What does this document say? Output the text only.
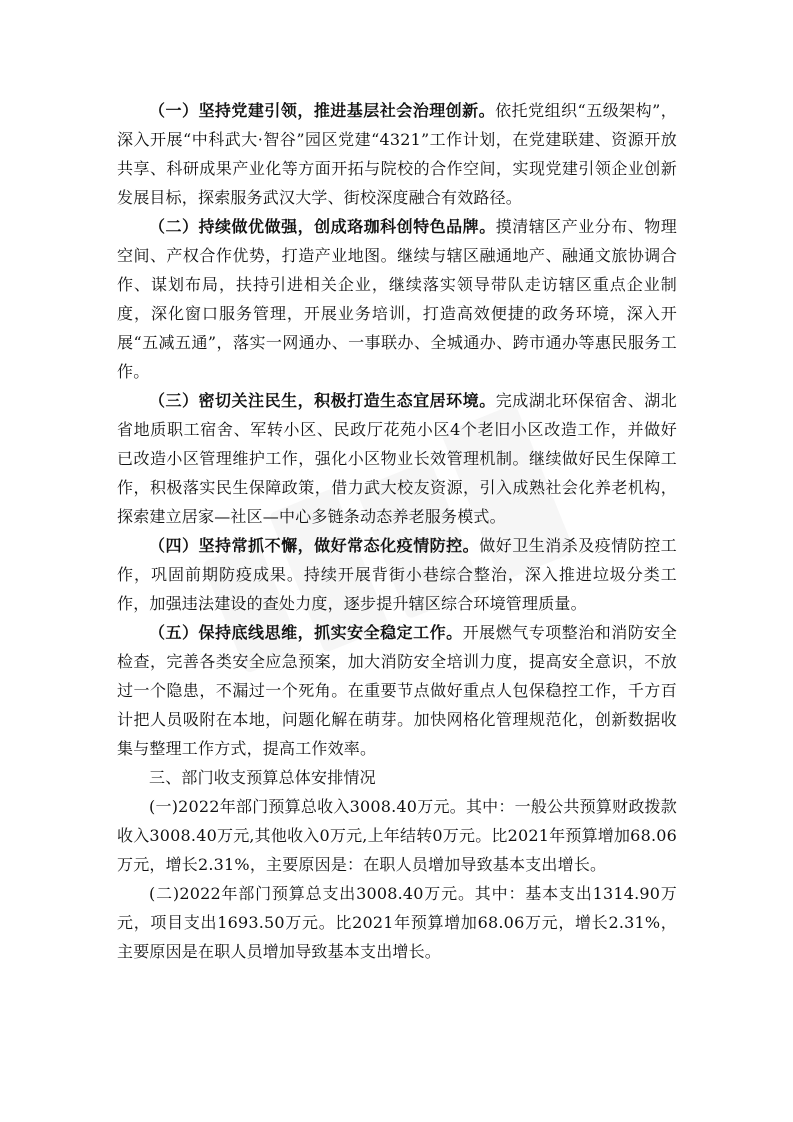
（一）坚持党建引领，推进基层社会治理创新。依托党组织“五级架构”，深入开展“中科武大·智谷”园区党建“4321”工作计划，在党建联建、资源开放共享、科研成果产业化等方面开拓与院校的合作空间，实现党建引领企业创新发展目标，探索服务武汉大学、街校深度融合有效路径。

（二）持续做优做强，创成珞珈科创特色品牌。摸清辖区产业分布、物理空间、产权合作优势，打造产业地图。继续与辖区融通地产、融通文旅协调合作、谋划布局，扶持引进相关企业，继续落实领导带队走访辖区重点企业制度，深化窗口服务管理，开展业务培训，打造高效便捷的政务环境，深入开展“五减五通”，落实一网通办、一事联办、全城通办、跨市通办等惠民服务工作。

（三）密切关注民生，积极打造生态宜居环境。完成湖北环保宿舍、湖北省地质职工宿舍、军转小区、民政厅花苑小区4个老旧小区改造工作，并做好已改造小区管理维护工作，强化小区物业长效管理机制。继续做好民生保障工作，积极落实民生保障政策，借力武大校友资源，引入成熟社会化养老机构，探索建立居家—社区—中心多链条动态养老服务模式。

（四）坚持常抓不懈，做好常态化疫情防控。做好卫生消杀及疫情防控工作，巩固前期防疫成果。持续开展背街小巷综合整治，深入推进垃圾分类工作，加强违法建设的查处力度，逐步提升辖区综合环境管理质量。

（五）保持底线思维，抓实安全稳定工作。开展燃气专项整治和消防安全检查，完善各类安全应急预案，加大消防安全培训力度，提高安全意识，不放过一个隐患，不漏过一个死角。在重要节点做好重点人包保稳控工作，千方百计把人员吸附在本地，问题化解在萌芽。加快网格化管理规范化，创新数据收集与整理工作方式，提高工作效率。

三、部门收支预算总体安排情况

(一)2022年部门预算总收入3008.40万元。其中：一般公共预算财政拨款收入3008.40万元,其他收入0万元,上年结转0万元。比2021年预算增加68.06万元，增长2.31%，主要原因是：在职人员增加导致基本支出增长。

(二)2022年部门预算总支出3008.40万元。其中：基本支出1314.90万元，项目支出1693.50万元。比2021年预算增加68.06万元，增长2.31%，主要原因是在职人员增加导致基本支出增长。
